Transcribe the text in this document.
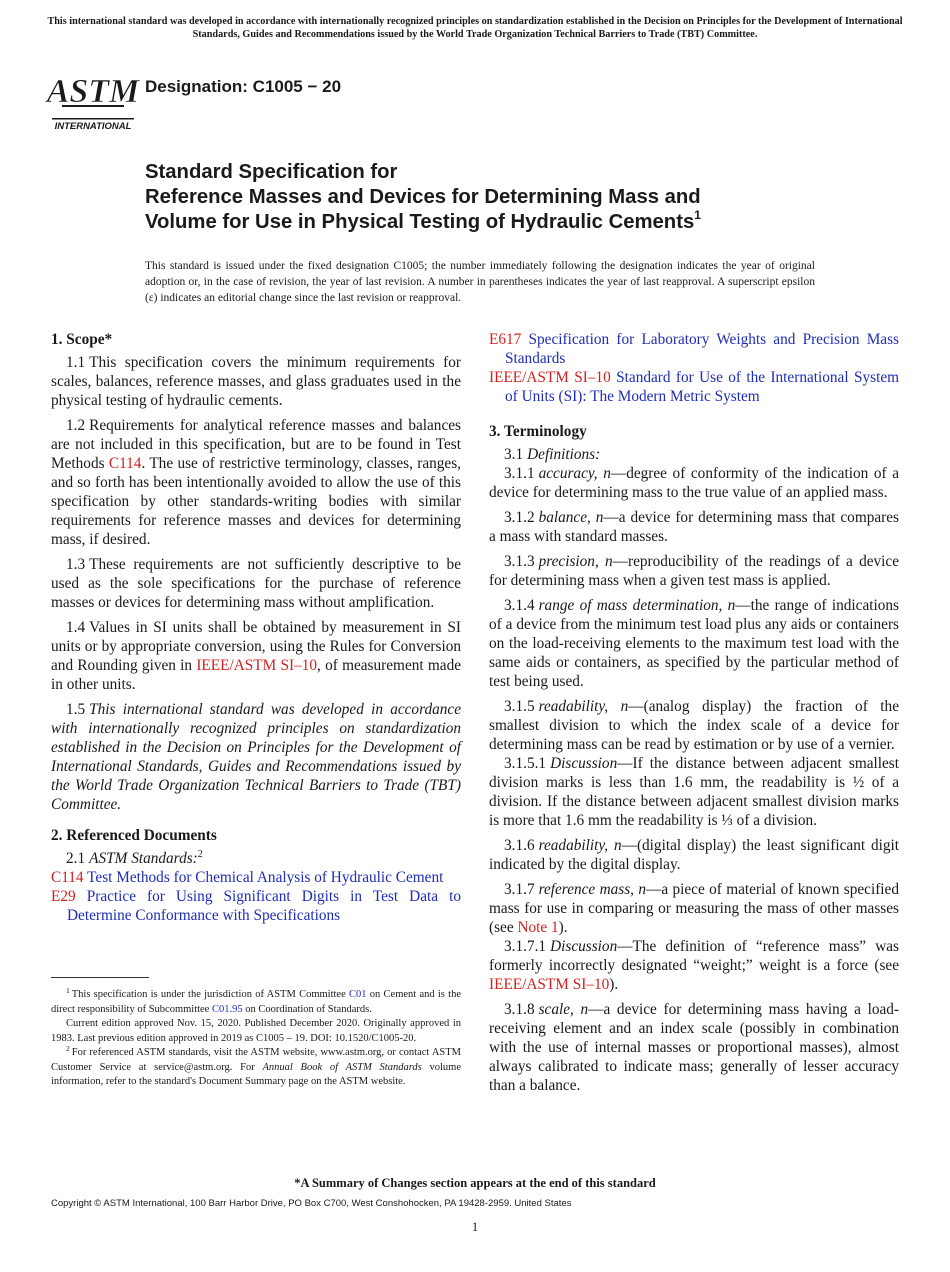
This international standard was developed in accordance with internationally recognized principles on standardization established in the Decision on Principles for the Development of International Standards, Guides and Recommendations issued by the World Trade Organization Technical Barriers to Trade (TBT) Committee.
ASTM
INTERNATIONAL
Designation: C1005 − 20
Standard Specification for
Reference Masses and Devices for Determining Mass and
Volume for Use in Physical Testing of Hydraulic Cements$^1$
This standard is issued under the fixed designation C1005; the number immediately following the designation indicates the year of original adoption or, in the case of revision, the year of last revision. A number in parentheses indicates the year of last reapproval. A superscript epsilon (ε) indicates an editorial change since the last revision or reapproval.
1. Scope*

1.1 This specification covers the minimum requirements for scales, balances, reference masses, and glass graduates used in the physical testing of hydraulic cements.

1.2 Requirements for analytical reference masses and balances are not included in this specification, but are to be found in Test Methods C114. The use of restrictive terminology, classes, ranges, and so forth has been intentionally avoided to allow the use of this specification by other standards-writing bodies with similar requirements for reference masses and devices for determining mass, if desired.

1.3 These requirements are not sufficiently descriptive to be used as the sole specifications for the purchase of reference masses or devices for determining mass without amplification.

1.4 Values in SI units shall be obtained by measurement in SI units or by appropriate conversion, using the Rules for Conversion and Rounding given in IEEE/ASTM SI–10, of measurement made in other units.

1.5 This international standard was developed in accordance with internationally recognized principles on standardization established in the Decision on Principles for the Development of International Standards, Guides and Recommendations issued by the World Trade Organization Technical Barriers to Trade (TBT) Committee.

2. Referenced Documents

2.1 ASTM Standards:$^2$

C114 Test Methods for Chemical Analysis of Hydraulic Cement
E29 Practice for Using Significant Digits in Test Data to Determine Conformance with Specifications

$^1$ This specification is under the jurisdiction of ASTM Committee C01 on Cement and is the direct responsibility of Subcommittee C01.95 on Coordination of Standards.

Current edition approved Nov. 15, 2020. Published December 2020. Originally approved in 1983. Last previous edition approved in 2019 as C1005 – 19. DOI: 10.1520/C1005-20.

$^2$ For referenced ASTM standards, visit the ASTM website, www.astm.org, or contact ASTM Customer Service at service@astm.org. For Annual Book of ASTM Standards volume information, refer to the standard's Document Summary page on the ASTM website.

E617 Specification for Laboratory Weights and Precision Mass Standards
IEEE/ASTM SI–10 Standard for Use of the International System of Units (SI): The Modern Metric System
3. Terminology

3.1 Definitions:

3.1.1 accuracy, n—degree of conformity of the indication of a device for determining mass to the true value of an applied mass.

3.1.2 balance, n—a device for determining mass that compares a mass with standard masses.

3.1.3 precision, n—reproducibility of the readings of a device for determining mass when a given test mass is applied.

3.1.4 range of mass determination, n—the range of indications of a device from the minimum test load plus any aids or containers on the load-receiving elements to the maximum test load with the same aids or containers, as specified by the particular method of test being used.

3.1.5 readability, n—(analog display) the fraction of the smallest division to which the index scale of a device for determining mass can be read by estimation or by use of a vernier.

3.1.5.1 Discussion—If the distance between adjacent smallest division marks is less than 1.6 mm, the readability is ½ of a division. If the distance between adjacent smallest division marks is more that 1.6 mm the readability is ⅓ of a division.

3.1.6 readability, n—(digital display) the least significant digit indicated by the digital display.

3.1.7 reference mass, n—a piece of material of known specified mass for use in comparing or measuring the mass of other masses (see Note 1).

3.1.7.1 Discussion—The definition of “reference mass” was formerly incorrectly designated “weight;” weight is a force (see IEEE/ASTM SI–10).

3.1.8 scale, n—a device for determining mass having a load-receiving element and an index scale (possibly in combination with the use of internal masses or proportional masses), almost always calibrated to indicate mass; generally of lesser accuracy than a balance.

*A Summary of Changes section appears at the end of this standard
Copyright © ASTM International, 100 Barr Harbor Drive, PO Box C700, West Conshohocken, PA 19428-2959. United States
1
